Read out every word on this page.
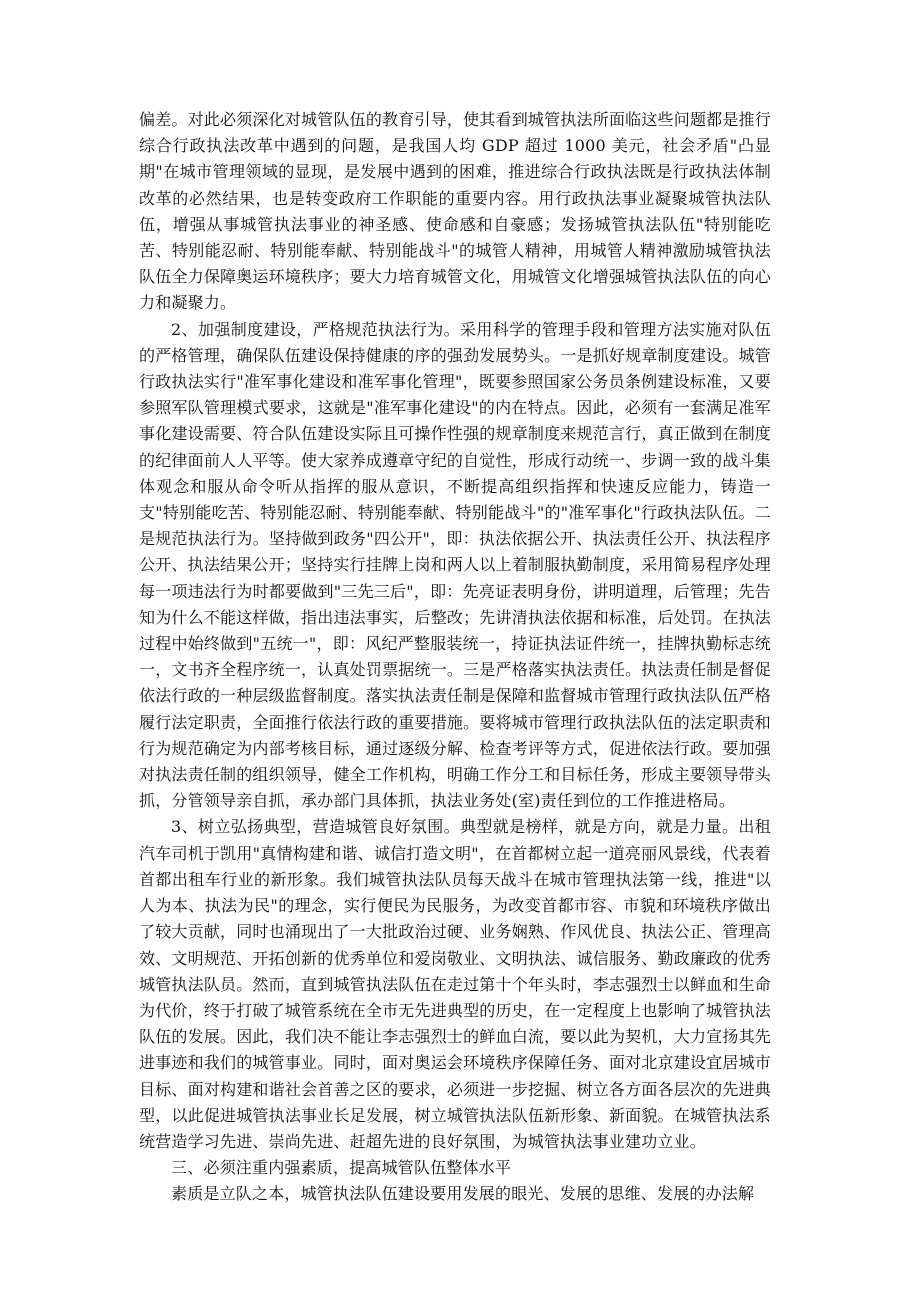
偏差。对此必须深化对城管队伍的教育引导，使其看到城管执法所面临这些问题都是推行综合行政执法改革中遇到的问题，是我国人均 GDP 超过 1000 美元，社会矛盾"凸显期"在城市管理领域的显现，是发展中遇到的困难，推进综合行政执法既是行政执法体制改革的必然结果，也是转变政府工作职能的重要内容。用行政执法事业凝聚城管执法队伍，增强从事城管执法事业的神圣感、使命感和自豪感；发扬城管执法队伍"特别能吃苦、特别能忍耐、特别能奉献、特别能战斗"的城管人精神，用城管人精神激励城管执法队伍全力保障奥运环境秩序；要大力培育城管文化，用城管文化增强城管执法队伍的向心力和凝聚力。

2、加强制度建设，严格规范执法行为。采用科学的管理手段和管理方法实施对队伍的严格管理，确保队伍建设保持健康的序的强劲发展势头。一是抓好规章制度建设。城管行政执法实行"准军事化建设和准军事化管理"，既要参照国家公务员条例建设标准，又要参照军队管理模式要求，这就是"准军事化建设"的内在特点。因此，必须有一套满足准军事化建设需要、符合队伍建设实际且可操作性强的规章制度来规范言行，真正做到在制度的纪律面前人人平等。使大家养成遵章守纪的自觉性，形成行动统一、步调一致的战斗集体观念和服从命令听从指挥的服从意识，不断提高组织指挥和快速反应能力，铸造一支"特别能吃苦、特别能忍耐、特别能奉献、特别能战斗"的"准军事化"行政执法队伍。二是规范执法行为。坚持做到政务"四公开"，即：执法依据公开、执法责任公开、执法程序公开、执法结果公开；坚持实行挂牌上岗和两人以上着制服执勤制度，采用简易程序处理每一项违法行为时都要做到"三先三后"，即：先亮证表明身份，讲明道理，后管理；先告知为什么不能这样做，指出违法事实，后整改；先讲清执法依据和标准，后处罚。在执法过程中始终做到"五统一"，即：风纪严整服装统一，持证执法证件统一，挂牌执勤标志统一，文书齐全程序统一，认真处罚票据统一。三是严格落实执法责任。执法责任制是督促依法行政的一种层级监督制度。落实执法责任制是保障和监督城市管理行政执法队伍严格履行法定职责，全面推行依法行政的重要措施。要将城市管理行政执法队伍的法定职责和行为规范确定为内部考核目标，通过逐级分解、检查考评等方式，促进依法行政。要加强对执法责任制的组织领导，健全工作机构，明确工作分工和目标任务，形成主要领导带头抓，分管领导亲自抓，承办部门具体抓，执法业务处(室)责任到位的工作推进格局。

3、树立弘扬典型，营造城管良好氛围。典型就是榜样，就是方向，就是力量。出租汽车司机于凯用"真情构建和谐、诚信打造文明"，在首都树立起一道亮丽风景线，代表着首都出租车行业的新形象。我们城管执法队员每天战斗在城市管理执法第一线，推进"以人为本、执法为民"的理念，实行便民为民服务，为改变首都市容、市貌和环境秩序做出了较大贡献，同时也涌现出了一大批政治过硬、业务娴熟、作风优良、执法公正、管理高效、文明规范、开拓创新的优秀单位和爱岗敬业、文明执法、诚信服务、勤政廉政的优秀城管执法队员。然而，直到城管执法队伍在走过第十个年头时，李志强烈士以鲜血和生命为代价，终于打破了城管系统在全市无先进典型的历史，在一定程度上也影响了城管执法队伍的发展。因此，我们决不能让李志强烈士的鲜血白流，要以此为契机，大力宣扬其先进事迹和我们的城管事业。同时，面对奥运会环境秩序保障任务、面对北京建设宜居城市目标、面对构建和谐社会首善之区的要求，必须进一步挖掘、树立各方面各层次的先进典型，以此促进城管执法事业长足发展，树立城管执法队伍新形象、新面貌。在城管执法系统营造学习先进、崇尚先进、赶超先进的良好氛围，为城管执法事业建功立业。

三、必须注重内强素质，提高城管队伍整体水平

素质是立队之本，城管执法队伍建设要用发展的眼光、发展的思维、发展的办法解
